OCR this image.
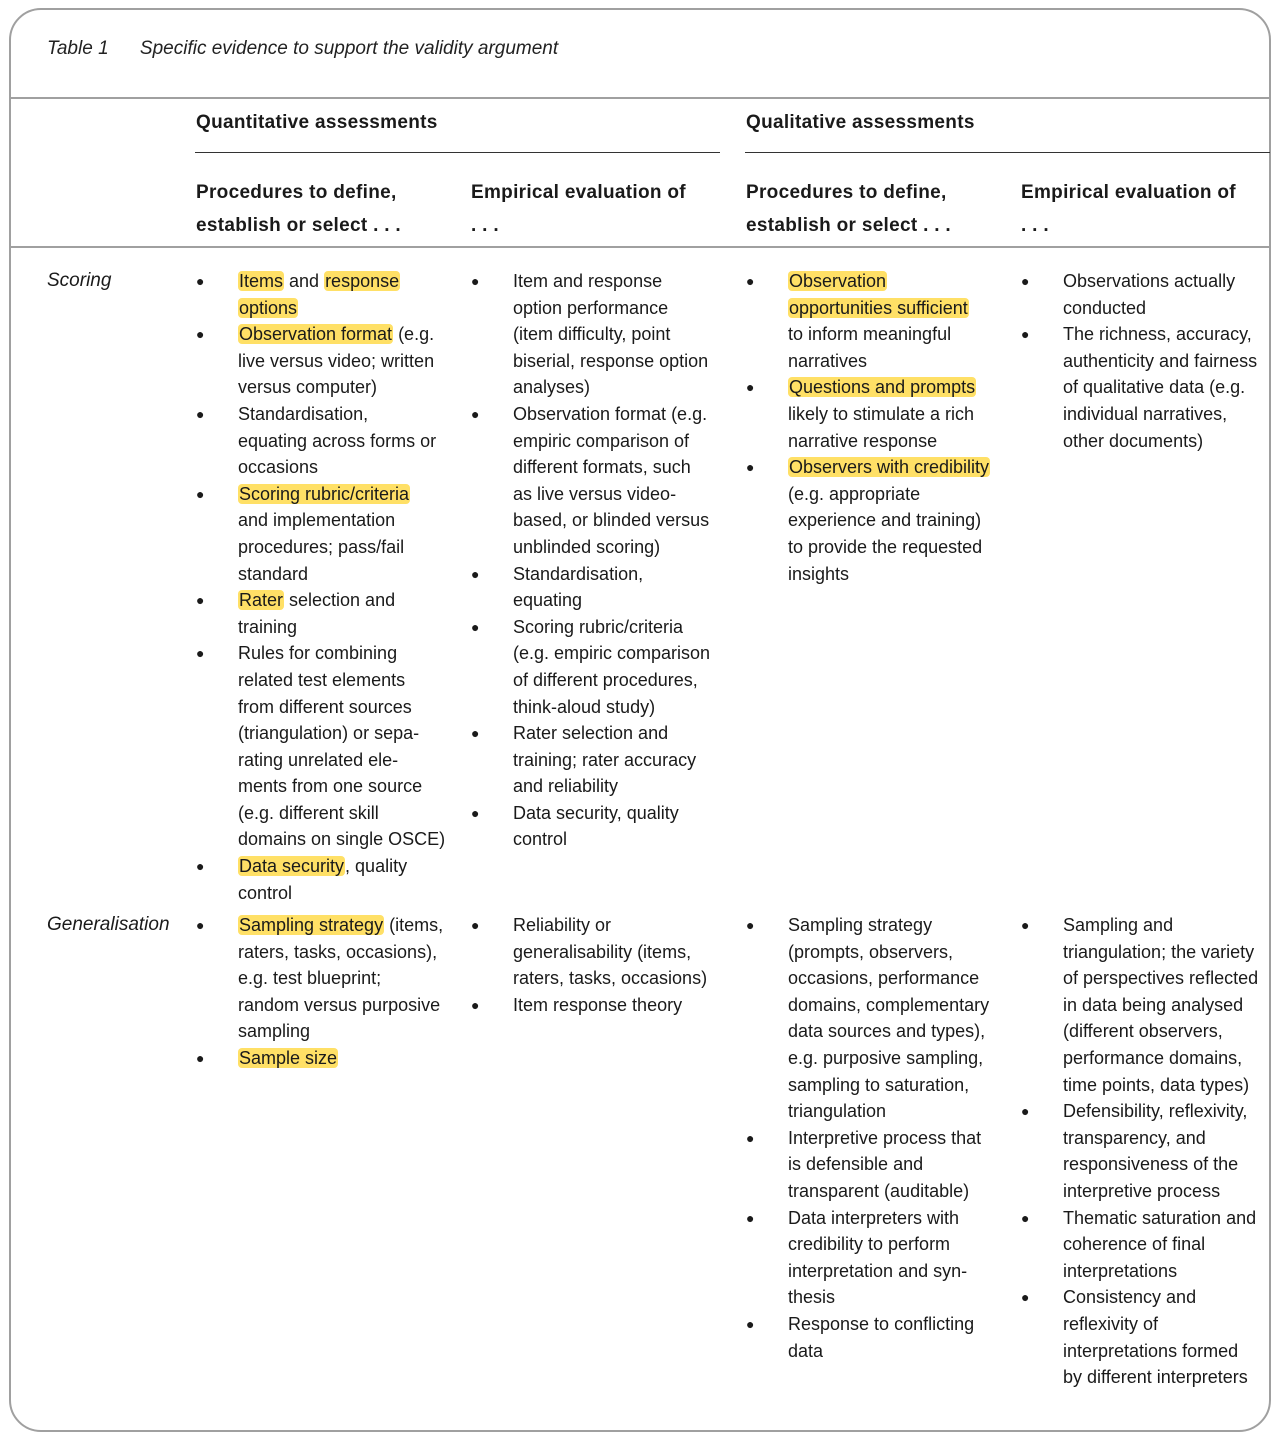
Table 1 Specific evidence to support the validity argument
Quantitative assessments	Qualitative assessments
Procedures to define,
establish or select . . .
Empirical evaluation of
. . .
Procedures to define,
establish or select . . .
Empirical evaluation of
. . .
Scoring	● Items and response
options
● Observation format (e.g.
live versus video; written
versus computer)
● Standardisation,
equating across forms or
occasions
● Scoring rubric/criteria
and implementation
procedures; pass/fail
standard
● Rater selection and
training
● Rules for combining
related test elements
from different sources
(triangulation) or sepa-
rating unrelated ele-
ments from one source
(e.g. different skill
domains on single OSCE)
● Data security, quality
control
● Item and response
option performance
(item difficulty, point
biserial, response option
analyses)
● Observation format (e.g.
empiric comparison of
different formats, such
as live versus video-
based, or blinded versus
unblinded scoring)
● Standardisation,
equating
● Scoring rubric/criteria
(e.g. empiric comparison
of different procedures,
think-aloud study)
● Rater selection and
training; rater accuracy
and reliability
● Data security, quality
control
● Observation
opportunities sufficient
to inform meaningful
narratives
● Questions and prompts
likely to stimulate a rich
narrative response
● Observers with credibility
(e.g. appropriate
experience and training)
to provide the requested
insights
● Observations actually
conducted
● The richness, accuracy,
authenticity and fairness
of qualitative data (e.g.
individual narratives,
other documents)
Generalisation ● Sampling strategy (items,
raters, tasks, occasions),
e.g. test blueprint;
random versus purposive
sampling
● Sample size
● Reliability or
generalisability (items,
raters, tasks, occasions)
● Item response theory
● Sampling strategy
(prompts, observers,
occasions, performance
domains, complementary
data sources and types),
e.g. purposive sampling,
sampling to saturation,
triangulation
● Interpretive process that
is defensible and
transparent (auditable)
● Data interpreters with
credibility to perform
interpretation and syn-
thesis
● Response to conflicting
data
● Sampling and
triangulation; the variety
of perspectives reflected
in data being analysed
(different observers,
performance domains,
time points, data types)
● Defensibility, reflexivity,
transparency, and
responsiveness of the
interpretive process
● Thematic saturation and
coherence of final
interpretations
● Consistency and
reflexivity of
interpretations formed
by different interpreters
